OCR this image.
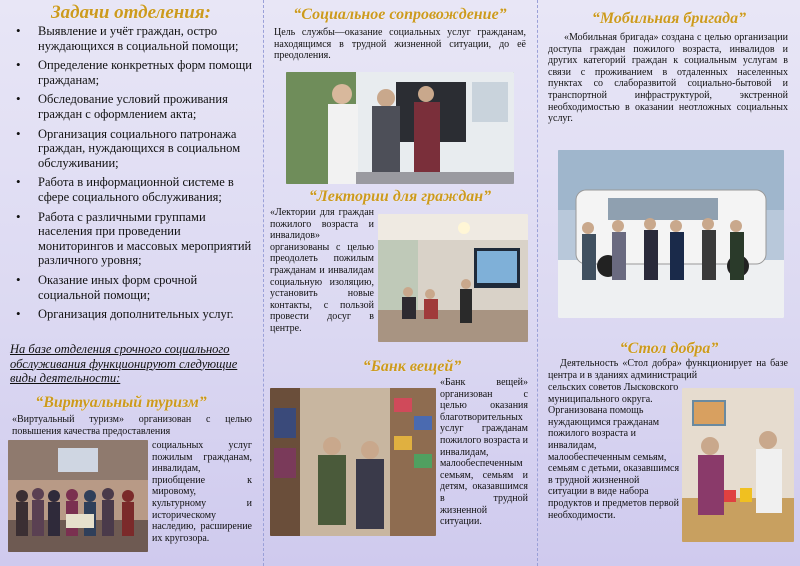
Задачи отделения:
• Выявление и учёт граждан, остро нуждающихся в социальной помощи;
• Определение конкретных форм помощи гражданам;
• Обследование условий проживания граждан с оформлением акта;
• Организация социального патронажа граждан, нуждающихся в социальном обслуживании;
• Работа в информационной системе в сфере социального обслуживания;
• Работа с различными группами населения при проведении мониторингов и массовых мероприятий различного уровня;
• Оказание иных форм срочной социальной помощи;
• Организация дополнительных услуг.
На базе отделения срочного социального обслуживания функционируют следующие виды деятельности:
“Виртуальный туризм”

«Виртуальный туризм» организован с целью повышения качества предоставления

социальных услуг пожилым гражданам, инвалидам, приобщение к мировому, культурному и историческому наследию, расширение их кругозора.

“Социальное сопровождение”

Цель службы—оказание социальных услуг гражданам, находящимся в трудной жизненной ситуации, до её преодоления.

“Лектории для граждан”

«Лектории для граждан пожилого возраста и инвалидов» организованы с целью преодолеть пожилым гражданам и инвалидам социальную изоляцию, установить новые контакты, с пользой провести досуг в центре.

“Банк вещей”

«Банк вещей» организован с целью оказания благотворительных услуг гражданам пожилого возраста и инвалидам, малообеспеченным семьям, семьям и детям, оказавшимся в трудной жизненной ситуации.

“Мобильная бригада”

«Мобильная бригада» создана с целью организации доступа граждан пожилого возраста, инвалидов и других категорий граждан к социальным услугам в связи с проживанием в отдаленных населенных пунктах со слаборазвитой социально-бытовой и транспортной инфраструктурой, экстренной необходимостью в оказании неотложных социальных услуг.

“Стол добра”

Деятельность «Стол добра» функционирует на базе центра и в зданиях администраций

сельских советов Лысковского муниципального округа. Организована помощь нуждающимся гражданам пожилого возраста и инвалидам, малообеспеченным семьям, семьям с детьми, оказавшимся в трудной жизненной ситуации в виде набора продуктов и предметов первой необходимости.
